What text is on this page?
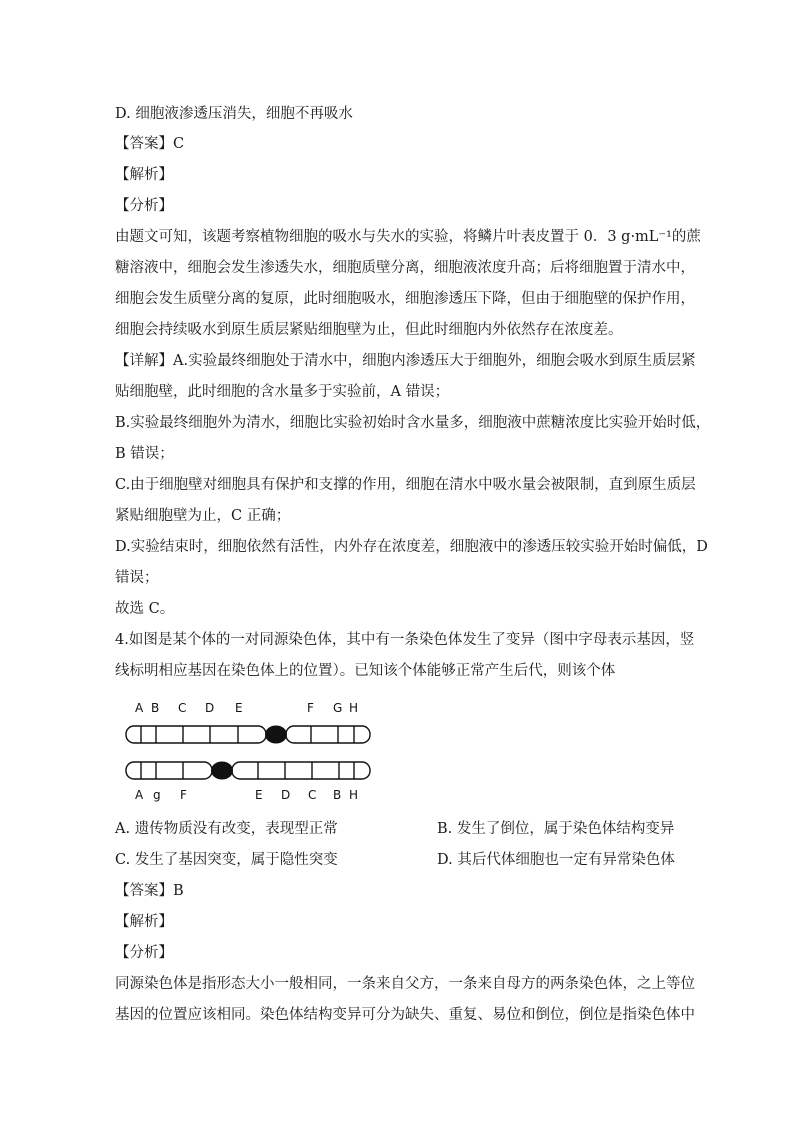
D. 细胞液渗透压消失，细胞不再吸水
【答案】C
【解析】
【分析】
由题文可知，该题考察植物细胞的吸水与失水的实验，将鳞片叶表皮置于 0．3 g·mL⁻¹的蔗
糖溶液中，细胞会发生渗透失水，细胞质壁分离，细胞液浓度升高；后将细胞置于清水中，
细胞会发生质壁分离的复原，此时细胞吸水，细胞渗透压下降，但由于细胞壁的保护作用，
细胞会持续吸水到原生质层紧贴细胞壁为止，但此时细胞内外依然存在浓度差。
【详解】A.实验最终细胞处于清水中，细胞内渗透压大于细胞外，细胞会吸水到原生质层紧
贴细胞壁，此时细胞的含水量多于实验前，A 错误；
B.实验最终细胞外为清水，细胞比实验初始时含水量多，细胞液中蔗糖浓度比实验开始时低，
B 错误；
C.由于细胞壁对细胞具有保护和支撑的作用，细胞在清水中吸水量会被限制，直到原生质层
紧贴细胞壁为止，C 正确；
D.实验结束时，细胞依然有活性，内外存在浓度差，细胞液中的渗透压较实验开始时偏低，D
错误；
故选 C。
4.如图是某个体的一对同源染色体，其中有一条染色体发生了变异（图中字母表示基因，竖
线标明相应基因在染色体上的位置）。已知该个体能够正常产生后代，则该个体
A B C D E	F G H
A g F	E D C B H
A. 遗传物质没有改变，表现型正常	B. 发生了倒位，属于染色体结构变异
C. 发生了基因突变，属于隐性突变	D. 其后代体细胞也一定有异常染色体
【答案】B
【解析】
【分析】
同源染色体是指形态大小一般相同，一条来自父方，一条来自母方的两条染色体，之上等位
基因的位置应该相同。染色体结构变异可分为缺失、重复、易位和倒位，倒位是指染色体中
